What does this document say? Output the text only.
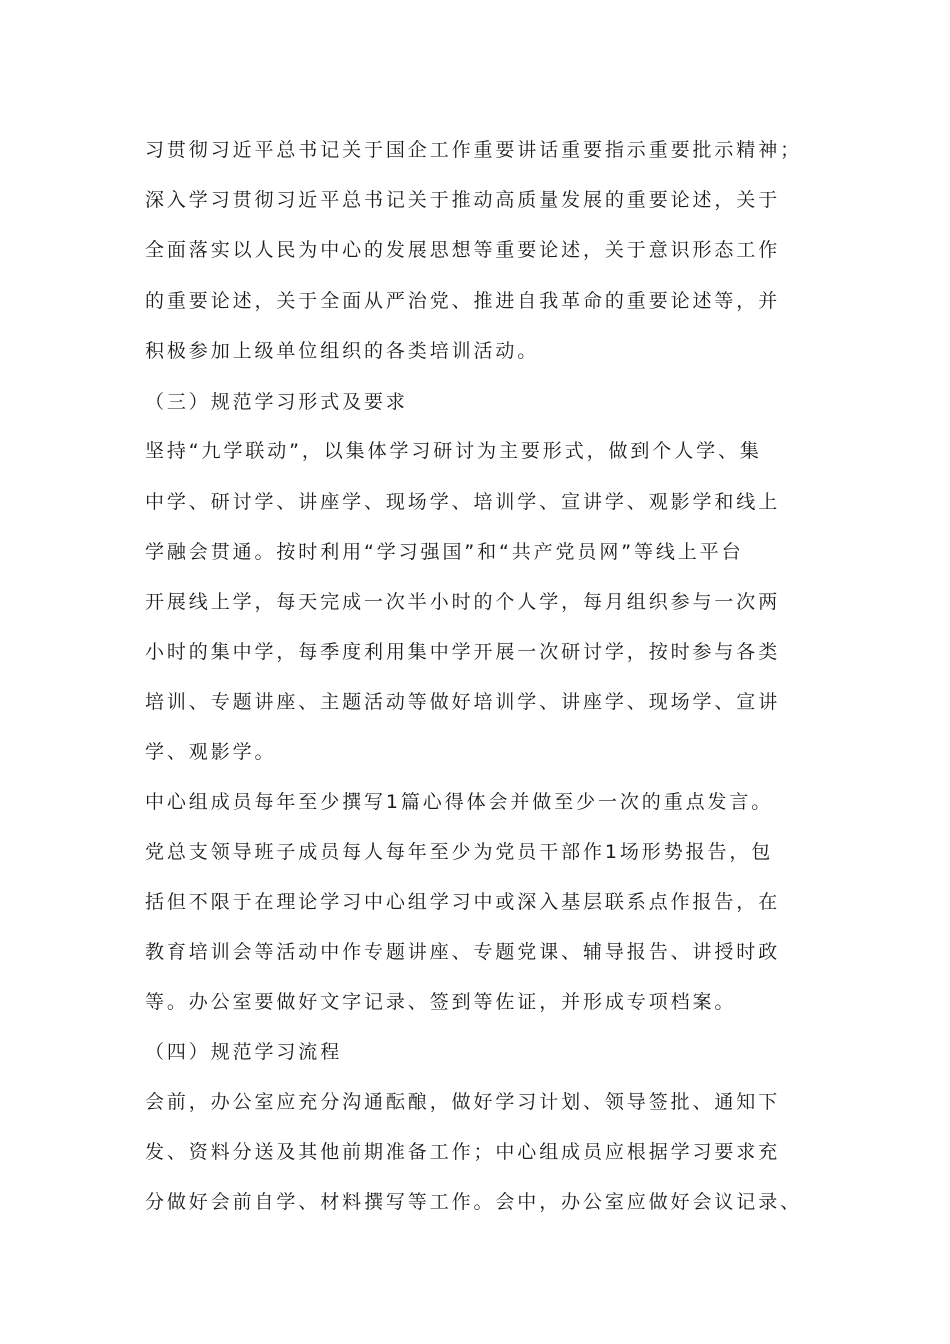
习贯彻习近平总书记关于国企工作重要讲话重要指示重要批示精神；
深入学习贯彻习近平总书记关于推动高质量发展的重要论述，关于
全面落实以人民为中心的发展思想等重要论述，关于意识形态工作
的重要论述，关于全面从严治党、推进自我革命的重要论述等，并
积极参加上级单位组织的各类培训活动。
（三）规范学习形式及要求
坚持“九学联动”，以集体学习研讨为主要形式，做到个人学、集
中学、研讨学、讲座学、现场学、培训学、宣讲学、观影学和线上
学融会贯通。按时利用“学习强国”和“共产党员网”等线上平台
开展线上学，每天完成一次半小时的个人学，每月组织参与一次两
小时的集中学，每季度利用集中学开展一次研讨学，按时参与各类
培训、专题讲座、主题活动等做好培训学、讲座学、现场学、宣讲
学、观影学。
中心组成员每年至少撰写1篇心得体会并做至少一次的重点发言。
党总支领导班子成员每人每年至少为党员干部作1场形势报告，包
括但不限于在理论学习中心组学习中或深入基层联系点作报告，在
教育培训会等活动中作专题讲座、专题党课、辅导报告、讲授时政
等。办公室要做好文字记录、签到等佐证，并形成专项档案。
（四）规范学习流程
会前，办公室应充分沟通酝酿，做好学习计划、领导签批、通知下
发、资料分送及其他前期准备工作；中心组成员应根据学习要求充
分做好会前自学、材料撰写等工作。会中，办公室应做好会议记录、
